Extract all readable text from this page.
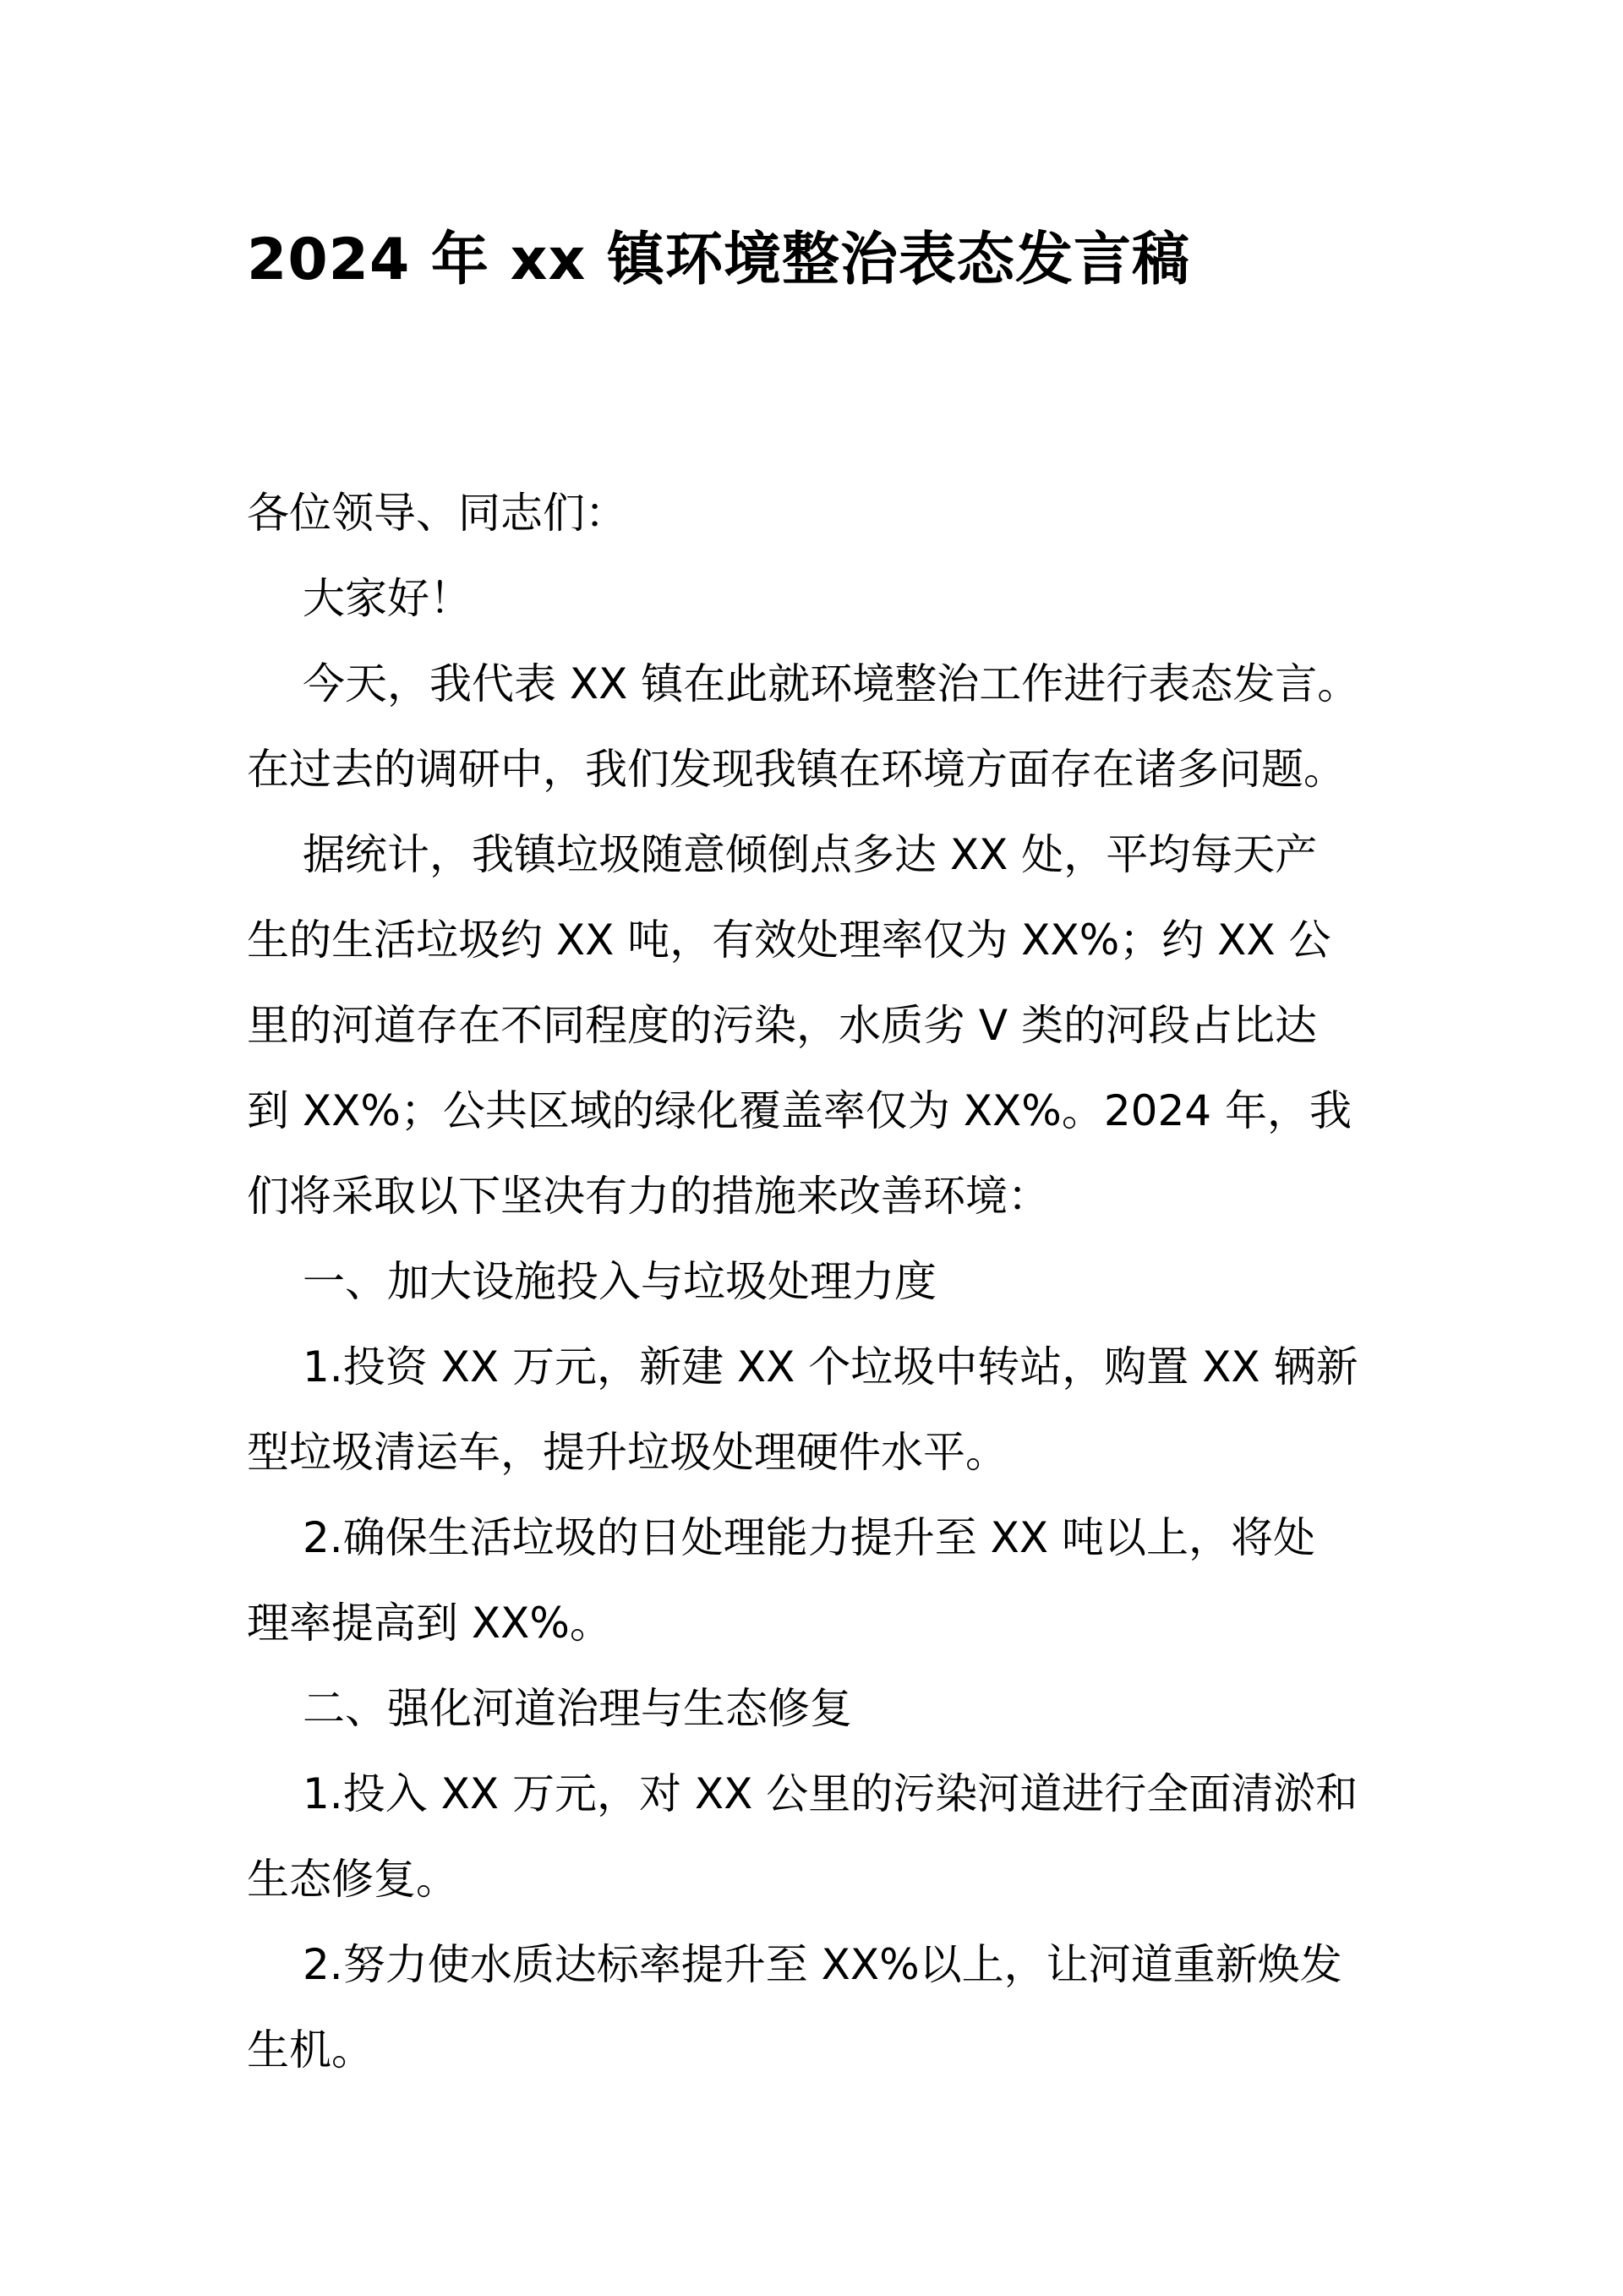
2024 年 xx 镇环境整治表态发言稿
各位领导、同志们：
大家好！
今天，我代表 XX 镇在此就环境整治工作进行表态发言。
在过去的调研中，我们发现我镇在环境方面存在诸多问题。
据统计，我镇垃圾随意倾倒点多达 XX 处，平均每天产
生的生活垃圾约 XX 吨，有效处理率仅为 XX%；约 XX 公
里的河道存在不同程度的污染，水质劣 V 类的河段占比达
到 XX%；公共区域的绿化覆盖率仅为 XX%。2024 年，我
们将采取以下坚决有力的措施来改善环境：
一、加大设施投入与垃圾处理力度
1.投资 XX 万元，新建 XX 个垃圾中转站，购置 XX 辆新
型垃圾清运车，提升垃圾处理硬件水平。
2.确保生活垃圾的日处理能力提升至 XX 吨以上，将处
理率提高到 XX%。
二、强化河道治理与生态修复
1.投入 XX 万元，对 XX 公里的污染河道进行全面清淤和
生态修复。
2.努力使水质达标率提升至 XX%以上，让河道重新焕发
生机。
